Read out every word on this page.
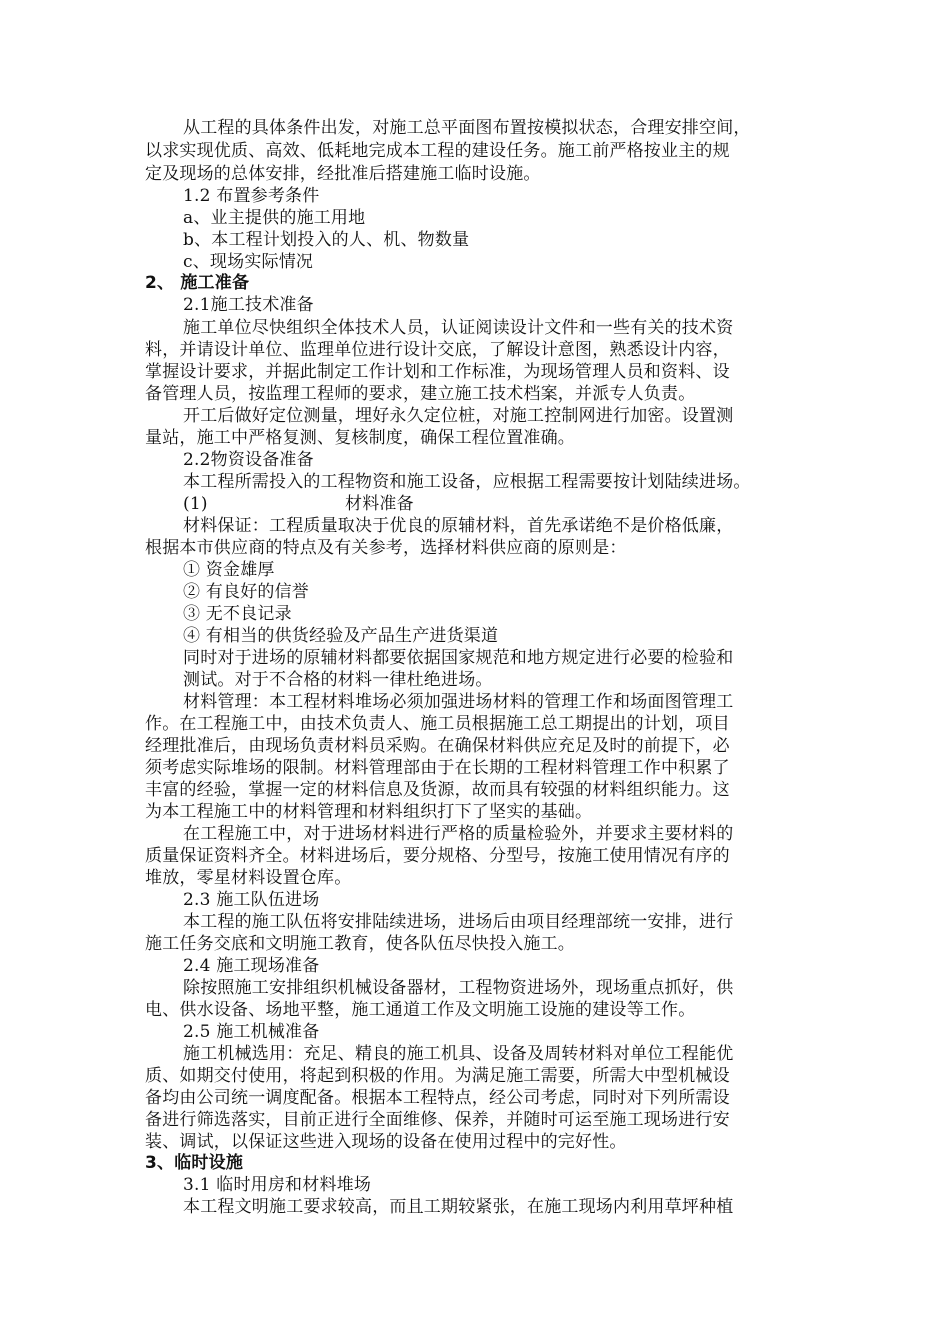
从工程的具体条件出发，对施工总平面图布置按模拟状态，合理安排空间，
以求实现优质、高效、低耗地完成本工程的建设任务。施工前严格按业主的规
定及现场的总体安排，经批准后搭建施工临时设施。
1.2 布置参考条件
a、业主提供的施工用地
b、本工程计划投入的人、机、物数量
c、现场实际情况
2、 施工准备
2.1施工技术准备
施工单位尽快组织全体技术人员，认证阅读设计文件和一些有关的技术资
料，并请设计单位、监理单位进行设计交底，了解设计意图，熟悉设计内容，
掌握设计要求，并据此制定工作计划和工作标准，为现场管理人员和资料、设
备管理人员，按监理工程师的要求，建立施工技术档案，并派专人负责。
开工后做好定位测量，埋好永久定位桩，对施工控制网进行加密。设置测
量站，施工中严格复测、复核制度，确保工程位置准确。
2.2物资设备准备
本工程所需投入的工程物资和施工设备，应根据工程需要按计划陆续进场。
(1)	材料准备
材料保证：工程质量取决于优良的原辅材料，首先承诺绝不是价格低廉，
根据本市供应商的特点及有关参考，选择材料供应商的原则是：
① 资金雄厚
② 有良好的信誉
③ 无不良记录
④ 有相当的供货经验及产品生产进货渠道
同时对于进场的原辅材料都要依据国家规范和地方规定进行必要的检验和
测试。对于不合格的材料一律杜绝进场。
材料管理：本工程材料堆场必须加强进场材料的管理工作和场面图管理工
作。在工程施工中，由技术负责人、施工员根据施工总工期提出的计划，项目
经理批准后，由现场负责材料员采购。在确保材料供应充足及时的前提下，必
须考虑实际堆场的限制。材料管理部由于在长期的工程材料管理工作中积累了
丰富的经验，掌握一定的材料信息及货源，故而具有较强的材料组织能力。这
为本工程施工中的材料管理和材料组织打下了坚实的基础。
在工程施工中，对于进场材料进行严格的质量检验外，并要求主要材料的
质量保证资料齐全。材料进场后，要分规格、分型号，按施工使用情况有序的
堆放，零星材料设置仓库。
2.3 施工队伍进场
本工程的施工队伍将安排陆续进场，进场后由项目经理部统一安排，进行
施工任务交底和文明施工教育，使各队伍尽快投入施工。
2.4 施工现场准备
除按照施工安排组织机械设备器材，工程物资进场外，现场重点抓好，供
电、供水设备、场地平整，施工通道工作及文明施工设施的建设等工作。
2.5 施工机械准备
施工机械选用：充足、精良的施工机具、设备及周转材料对单位工程能优
质、如期交付使用，将起到积极的作用。为满足施工需要，所需大中型机械设
备均由公司统一调度配备。根据本工程特点，经公司考虑，同时对下列所需设
备进行筛选落实，目前正进行全面维修、保养，并随时可运至施工现场进行安
装、调试，以保证这些进入现场的设备在使用过程中的完好性。
3、临时设施
3.1 临时用房和材料堆场
本工程文明施工要求较高，而且工期较紧张，在施工现场内利用草坪种植
